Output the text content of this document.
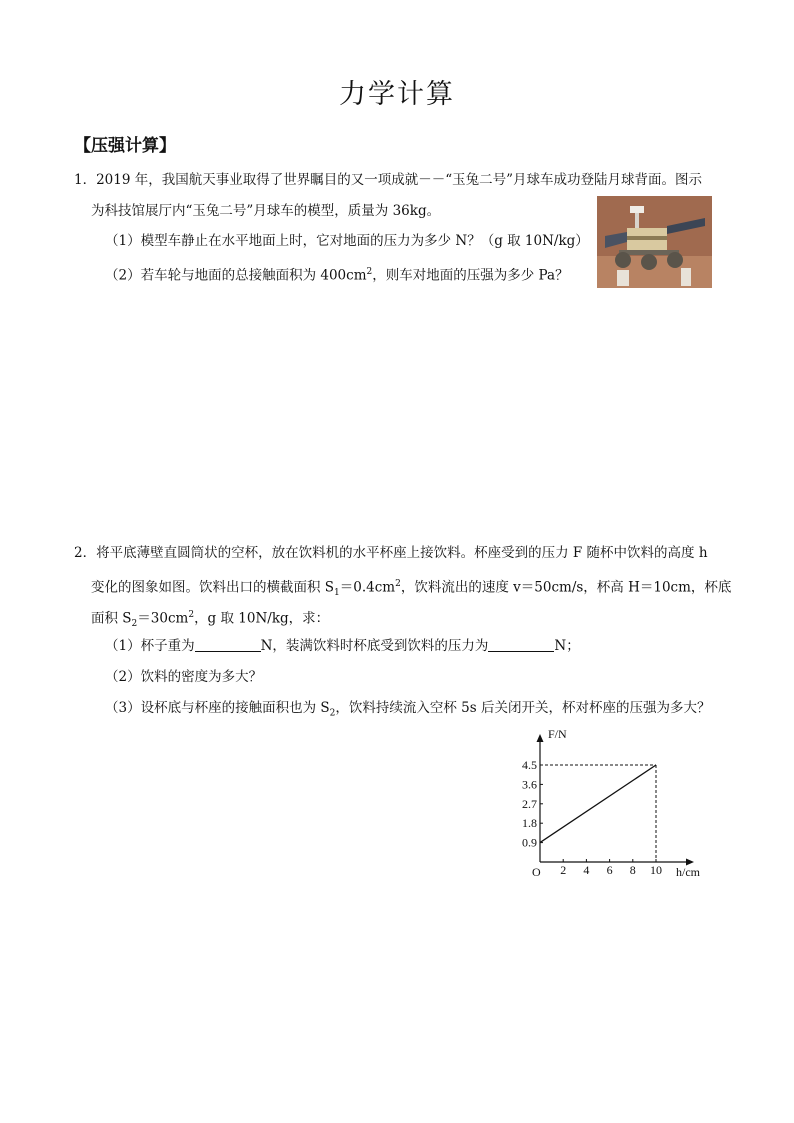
力学计算
【压强计算】
1．2019 年，我国航天事业取得了世界瞩目的又一项成就－－“玉兔二号”月球车成功登陆月球背面。图示
为科技馆展厅内“玉兔二号”月球车的模型，质量为 36kg。
（1）模型车静止在水平地面上时，它对地面的压力为多少 N？（g 取 10N/kg）
（2）若车轮与地面的总接触面积为 $400cm^2$，则车对地面的压强为多少 Pa？
2．将平底薄壁直圆筒状的空杯，放在饮料机的水平杯座上接饮料。杯座受到的压力 F 随杯中饮料的高度 h
变化的图象如图。饮料出口的横截面积 $S_1=0.4cm^2$，饮料流出的速度 v＝50cm/s，杯高 H＝10cm，杯底
面积 $S_2=30cm^2$，g 取 10N/kg，求：
（1）杯子重为	N，装满饮料时杯底受到饮料的压力为	N；
（2）饮料的密度为多大？
（3）设杯底与杯座的接触面积也为 $S_2$，饮料持续流入空杯 5s 后关闭开关，杯对杯座的压强为多大？
F/N
h/cm
O 2 4 6 8 10
0.9
1.8
2.7
3.6
4.5
